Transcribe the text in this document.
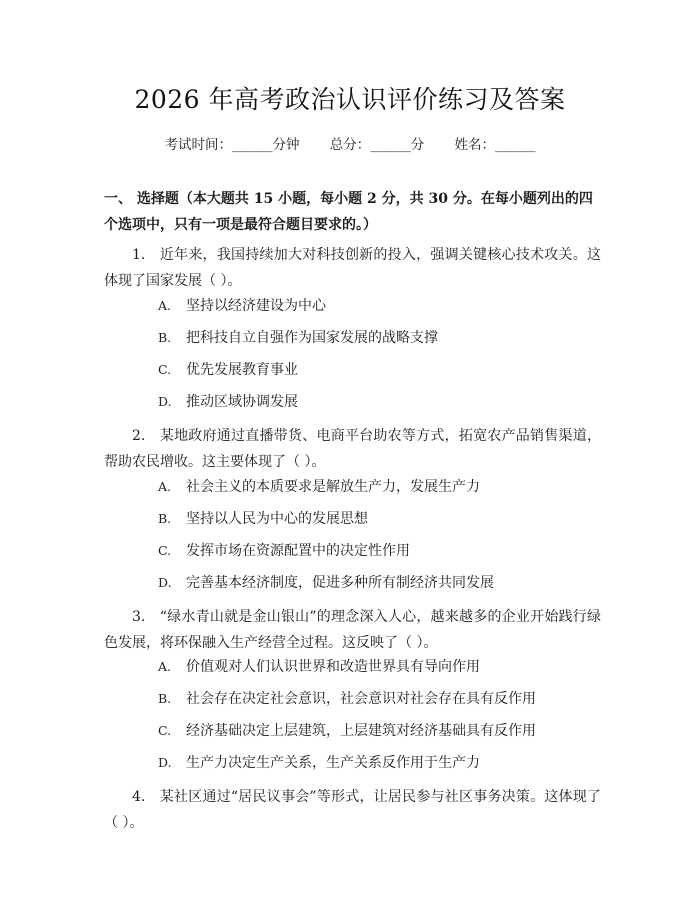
2026 年高考政治认识评价练习及答案
考试时间：______分钟 总分：______分 姓名：______
一、 选择题（本大题共 15 小题，每小题 2 分，共 30 分。在每小题列出的四个选项中，只有一项是最符合题目要求的。）
1.　近年来，我国持续加大对科技创新的投入，强调关键核心技术攻关。这体现了国家发展（ ）。
A. 坚持以经济建设为中心
B. 把科技自立自强作为国家发展的战略支撑
C. 优先发展教育事业
D. 推动区域协调发展
2.　某地政府通过直播带货、电商平台助农等方式，拓宽农产品销售渠道，帮助农民增收。这主要体现了（ ）。
A. 社会主义的本质要求是解放生产力，发展生产力
B. 坚持以人民为中心的发展思想
C. 发挥市场在资源配置中的决定性作用
D. 完善基本经济制度，促进多种所有制经济共同发展
3.　“绿水青山就是金山银山”的理念深入人心，越来越多的企业开始践行绿色发展，将环保融入生产经营全过程。这反映了（ ）。
A. 价值观对人们认识世界和改造世界具有导向作用
B. 社会存在决定社会意识，社会意识对社会存在具有反作用
C. 经济基础决定上层建筑，上层建筑对经济基础具有反作用
D. 生产力决定生产关系，生产关系反作用于生产力
4.　某社区通过“居民议事会”等形式，让居民参与社区事务决策。这体现了（ ）。
